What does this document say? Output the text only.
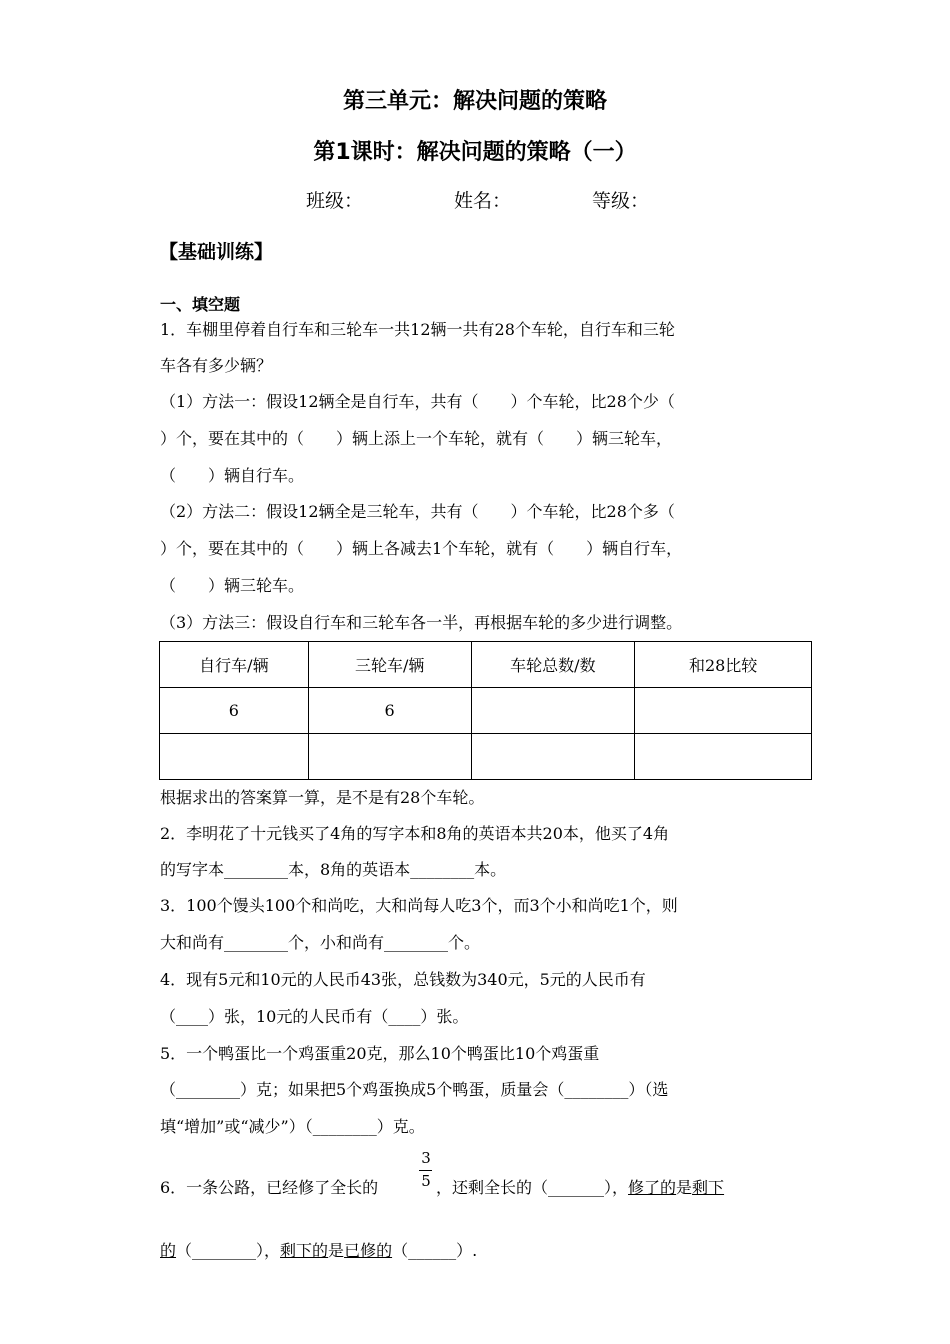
第三单元：解决问题的策略
第1课时：解决问题的策略（一）
班级：	姓名：	等级：
【基础训练】
一、填空题
1．车棚里停着自行车和三轮车一共12辆一共有28个车轮，自行车和三轮
车各有多少辆？
（1）方法一：假设12辆全是自行车，共有（　　）个车轮，比28个少（
）个，要在其中的（　　）辆上添上一个车轮，就有（　　）辆三轮车，
（　　）辆自行车。
（2）方法二：假设12辆全是三轮车，共有（　　）个车轮，比28个多（
）个，要在其中的（　　）辆上各减去1个车轮，就有（　　）辆自行车，
（　　）辆三轮车。
（3）方法三：假设自行车和三轮车各一半，再根据车轮的多少进行调整。
自行车/辆	三轮车/辆	车轮总数/数	和28比较
6	6		

根据求出的答案算一算，是不是有28个车轮。
2．李明花了十元钱买了4角的写字本和8角的英语本共20本，他买了4角
的写字本________本，8角的英语本________本。
3．100个馒头100个和尚吃，大和尚每人吃3个，而3个小和尚吃1个，则
大和尚有________个，小和尚有________个。
4．现有5元和10元的人民币43张，总钱数为340元，5元的人民币有
（____）张，10元的人民币有（____）张。
5．一个鸭蛋比一个鸡蛋重20克，那么10个鸭蛋比10个鸡蛋重
（________）克；如果把5个鸡蛋换成5个鸭蛋，质量会（________）（选
填“增加”或“减少”）（________）克。
3
5
6．一条公路，已经修了全长的	，还剩全长的（_______），修了的是剩下
的（________），剩下的是已修的（______）.
